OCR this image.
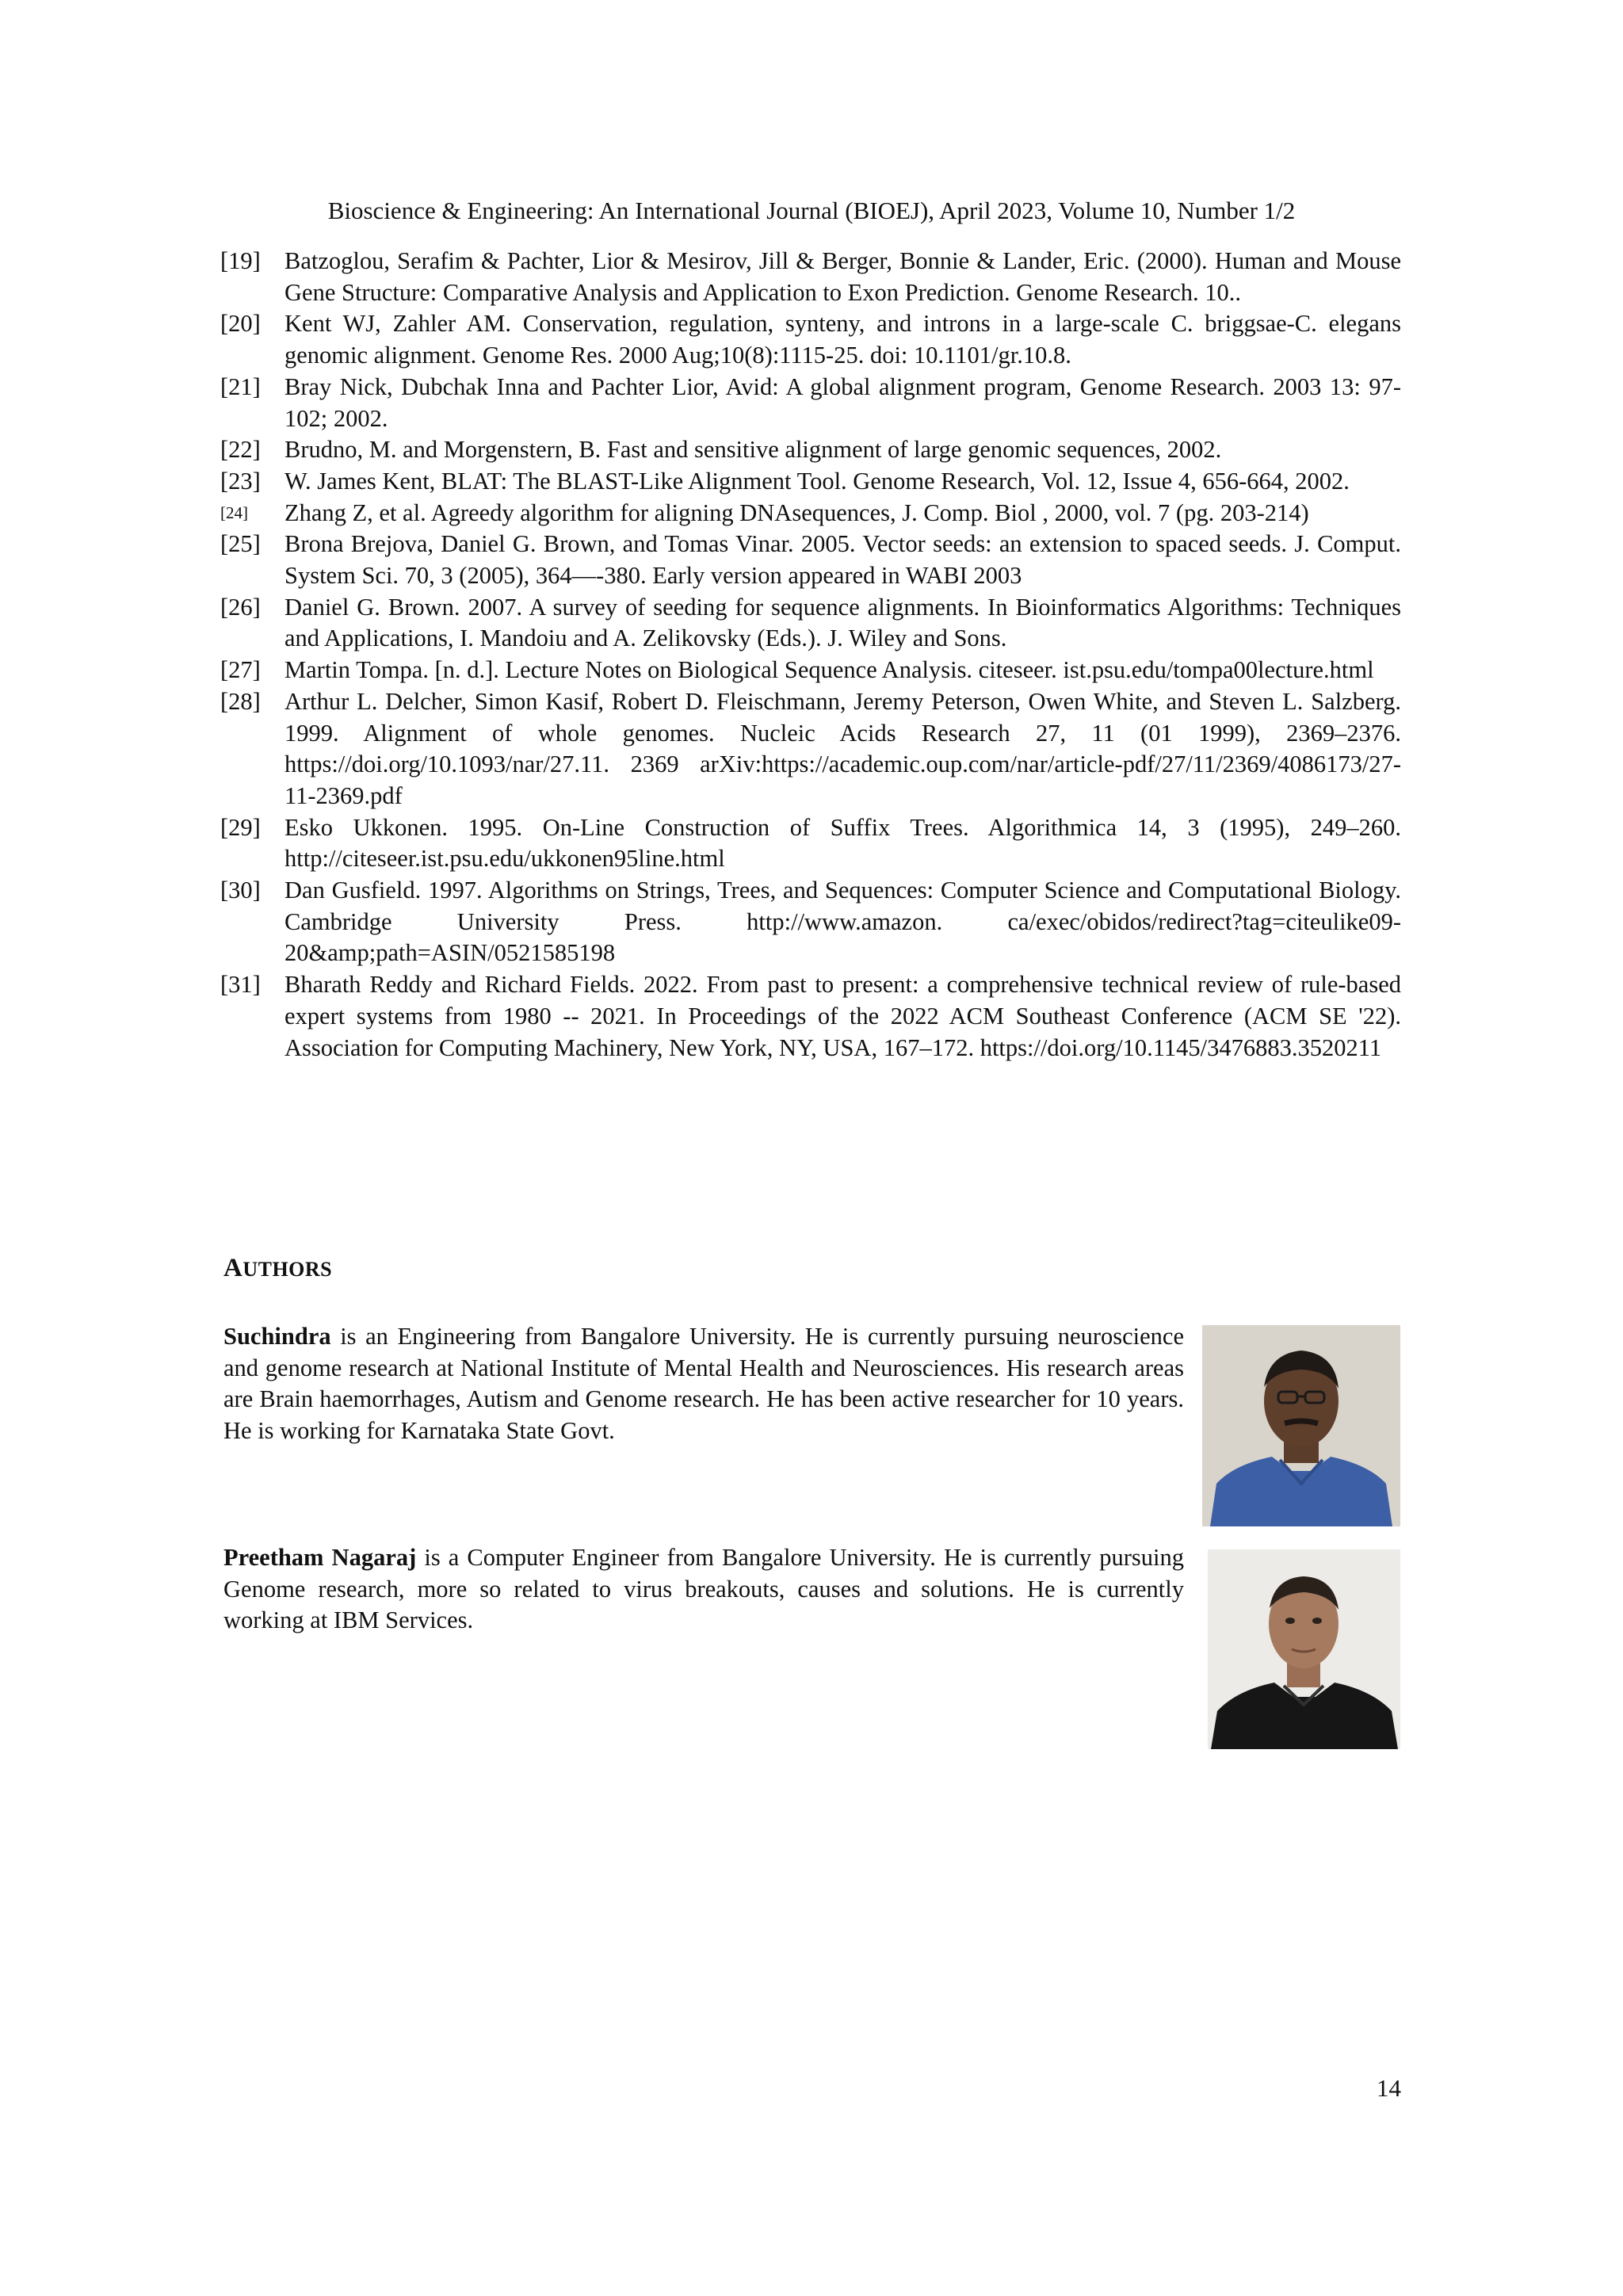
Bioscience & Engineering: An International Journal (BIOEJ), April 2023, Volume 10, Number 1/2
[19] Batzoglou, Serafim & Pachter, Lior & Mesirov, Jill & Berger, Bonnie & Lander, Eric. (2000). Human and Mouse Gene Structure: Comparative Analysis and Application to Exon Prediction. Genome Research. 10..
[20] Kent WJ, Zahler AM. Conservation, regulation, synteny, and introns in a large-scale C. briggsae-C. elegans genomic alignment. Genome Res. 2000 Aug;10(8):1115-25. doi: 10.1101/gr.10.8.
[21] Bray Nick, Dubchak Inna and Pachter Lior, Avid: A global alignment program, Genome Research. 2003 13: 97-102; 2002.
[22] Brudno, M. and Morgenstern, B. Fast and sensitive alignment of large genomic sequences, 2002.
[23] W. James Kent, BLAT: The BLAST-Like Alignment Tool. Genome Research, Vol. 12, Issue 4, 656-664, 2002.
[24] Zhang Z, et al. Agreedy algorithm for aligning DNAsequences, J. Comp. Biol , 2000, vol. 7 (pg. 203-214)
[25] Brona Brejova, Daniel G. Brown, and Tomas Vinar. 2005. Vector seeds: an extension to spaced seeds. J. Comput. System Sci. 70, 3 (2005), 364—-380. Early version appeared in WABI 2003
[26] Daniel G. Brown. 2007. A survey of seeding for sequence alignments. In Bioinformatics Algorithms: Techniques and Applications, I. Mandoiu and A. Zelikovsky (Eds.). J. Wiley and Sons.
[27] Martin Tompa. [n. d.]. Lecture Notes on Biological Sequence Analysis. citeseer. ist.psu.edu/tompa00lecture.html
[28] Arthur L. Delcher, Simon Kasif, Robert D. Fleischmann, Jeremy Peterson, Owen White, and Steven L. Salzberg. 1999. Alignment of whole genomes. Nucleic Acids Research 27, 11 (01 1999), 2369–2376. https://doi.org/10.1093/nar/27.11. 2369 arXiv:https://academic.oup.com/nar/article-pdf/27/11/2369/4086173/27-11-2369.pdf
[29] Esko Ukkonen. 1995. On-Line Construction of Suffix Trees. Algorithmica 14, 3 (1995), 249–260. http://citeseer.ist.psu.edu/ukkonen95line.html
[30] Dan Gusfield. 1997. Algorithms on Strings, Trees, and Sequences: Computer Science and Computational Biology. Cambridge University Press. http://www.amazon. ca/exec/obidos/redirect?tag=citeulike09-20&amp;path=ASIN/0521585198
[31] Bharath Reddy and Richard Fields. 2022. From past to present: a comprehensive technical review of rule-based expert systems from 1980 -- 2021. In Proceedings of the 2022 ACM Southeast Conference (ACM SE '22). Association for Computing Machinery, New York, NY, USA, 167–172. https://doi.org/10.1145/3476883.3520211
AUTHORS

Suchindra is an Engineering from Bangalore University. He is currently pursuing neuroscience and genome research at National Institute of Mental Health and Neurosciences. His research areas are Brain haemorrhages, Autism and Genome research. He has been active researcher for 10 years. He is working for Karnataka State Govt.

Preetham Nagaraj is a Computer Engineer from Bangalore University. He is currently pursuing Genome research, more so related to virus breakouts, causes and solutions. He is currently working at IBM Services.

14
